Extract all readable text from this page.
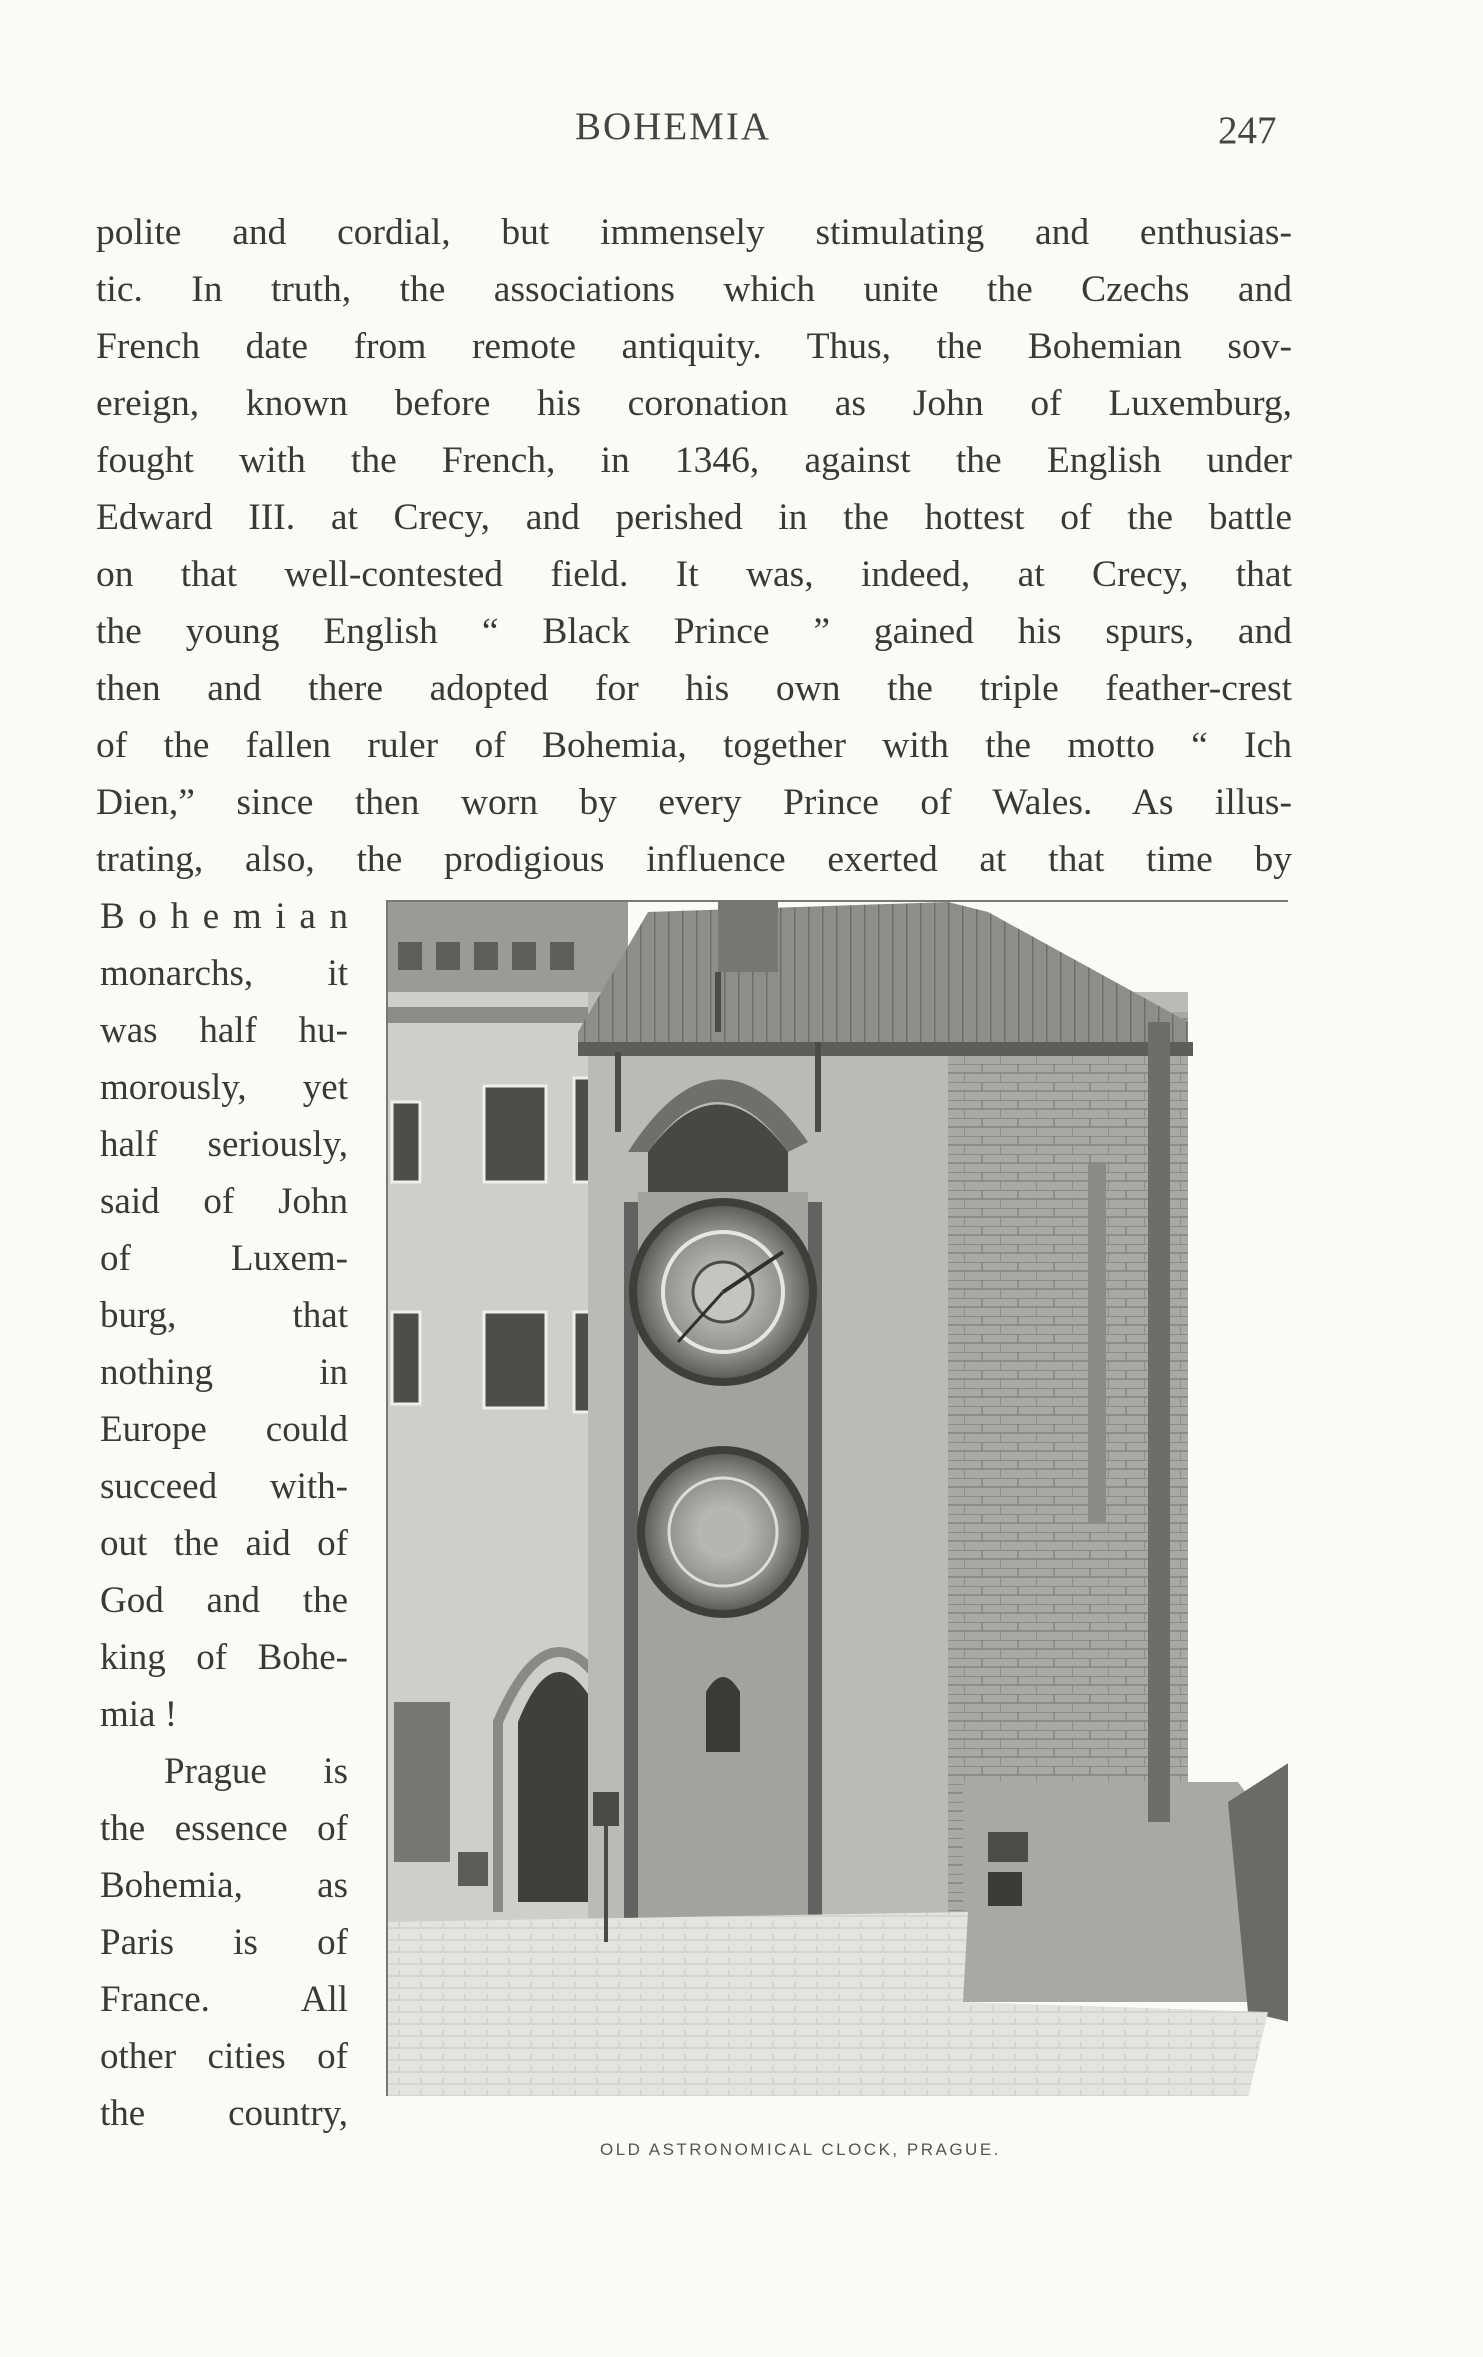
BOHEMIA	247
polite and cordial, but immensely stimulating and enthusias-
tic. In truth, the associations which unite the Czechs and
French date from remote antiquity. Thus, the Bohemian sov-
ereign, known before his coronation as John of Luxemburg,
fought with the French, in 1346, against the English under
Edward III. at Crecy, and perished in the hottest of the battle
on that well-contested field. It was, indeed, at Crecy, that
the young English “ Black Prince ” gained his spurs, and
then and there adopted for his own the triple feather-crest
of the fallen ruler of Bohemia, together with the motto “ Ich
Dien,” since then worn by every Prince of Wales. As illus-
trating, also, the prodigious influence exerted at that time by
B o h e m i a n
monarchs, it
was half hu-
morously, yet
half seriously,
said of John
of Luxem-
burg, that
nothing in
Europe could
succeed with-
out the aid of
God and the
king of Bohe-
mia !
Prague is
the essence of
Bohemia, as
Paris is of
France. All
other cities of
the country,
OLD ASTRONOMICAL CLOCK, PRAGUE.
